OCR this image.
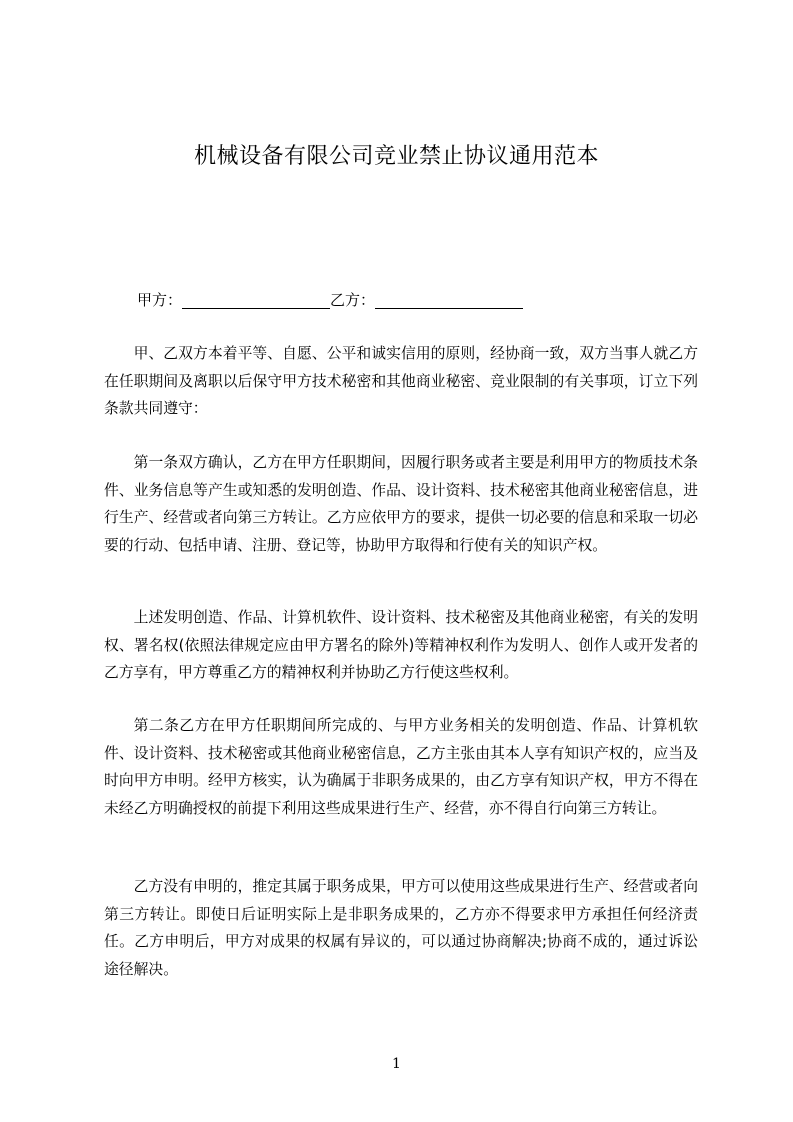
机械设备有限公司竞业禁止协议通用范本
甲方：	乙方：

甲、乙双方本着平等、自愿、公平和诚实信用的原则，经协商一致，双方当事人就乙方在任职期间及离职以后保守甲方技术秘密和其他商业秘密、竞业限制的有关事项，订立下列条款共同遵守：

第一条双方确认，乙方在甲方任职期间，因履行职务或者主要是利用甲方的物质技术条件、业务信息等产生或知悉的发明创造、作品、设计资料、技术秘密其他商业秘密信息，进行生产、经营或者向第三方转让。乙方应依甲方的要求，提供一切必要的信息和采取一切必要的行动、包括申请、注册、登记等，协助甲方取得和行使有关的知识产权。

上述发明创造、作品、计算机软件、设计资料、技术秘密及其他商业秘密，有关的发明权、署名权(依照法律规定应由甲方署名的除外)等精神权利作为发明人、创作人或开发者的乙方享有，甲方尊重乙方的精神权利并协助乙方行使这些权利。

第二条乙方在甲方任职期间所完成的、与甲方业务相关的发明创造、作品、计算机软件、设计资料、技术秘密或其他商业秘密信息，乙方主张由其本人享有知识产权的，应当及时向甲方申明。经甲方核实，认为确属于非职务成果的，由乙方享有知识产权，甲方不得在未经乙方明确授权的前提下利用这些成果进行生产、经营，亦不得自行向第三方转让。

乙方没有申明的，推定其属于职务成果，甲方可以使用这些成果进行生产、经营或者向第三方转让。即使日后证明实际上是非职务成果的，乙方亦不得要求甲方承担任何经济责任。乙方申明后，甲方对成果的权属有异议的，可以通过协商解决;协商不成的，通过诉讼途径解决。

1
